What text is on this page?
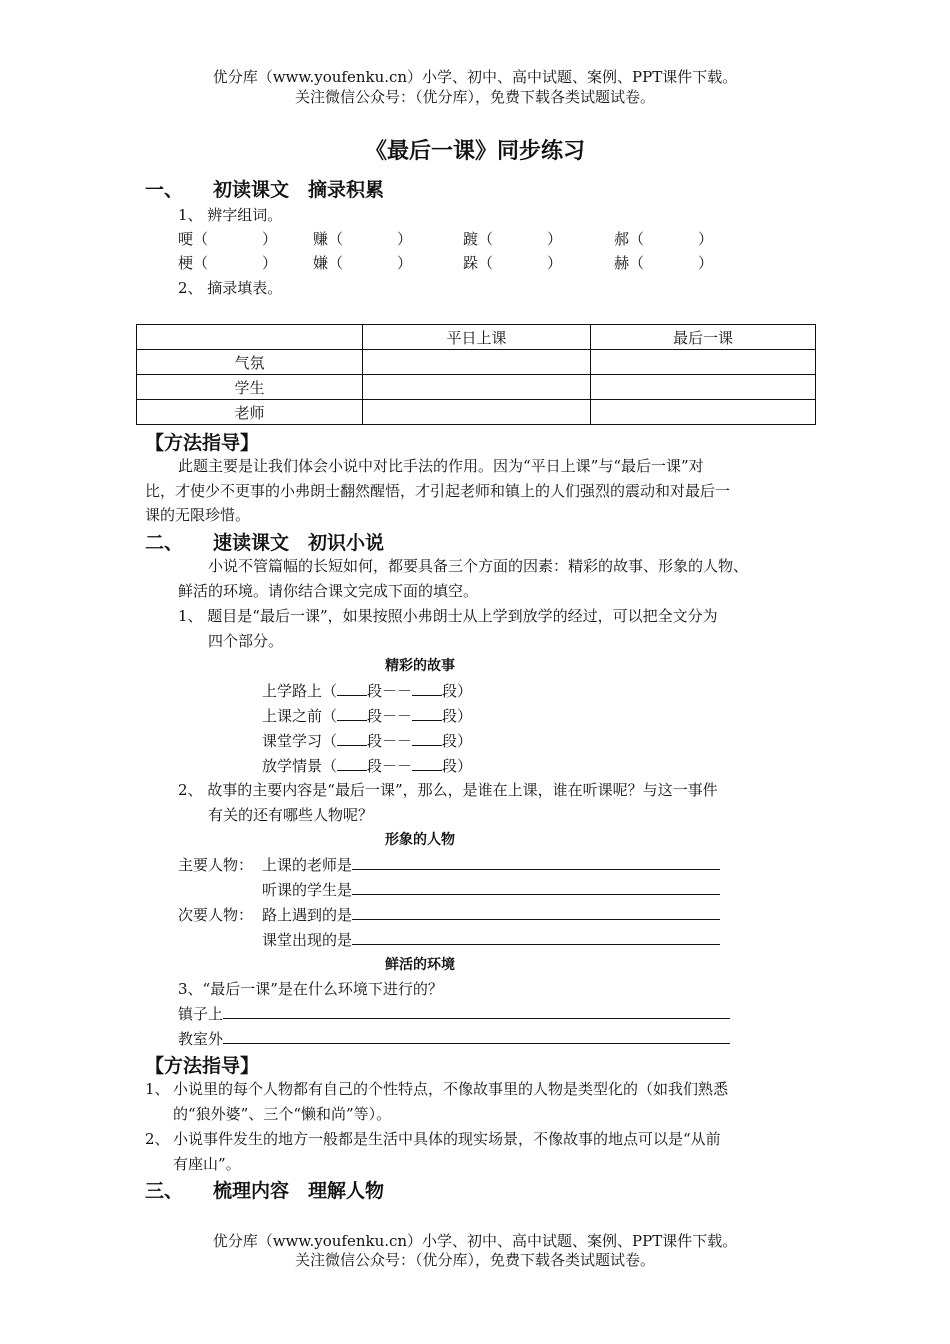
优分库（www.youfenku.cn）小学、初中、高中试题、案例、PPT课件下载。
关注微信公众号：（优分库），免费下载各类试题试卷。
《最后一课》同步练习
一、 初读课文　摘录积累
1、 辨字组词。
哽（	） 赚（	）	踱（	）	郝（	）
梗（	） 嫌（	）	跺（	）	赫（	）
2、 摘录填表。
	平日上课	最后一课
气氛		
学生		
老师		
【方法指导】
此题主要是让我们体会小说中对比手法的作用。因为“平日上课”与“最后一课”对
比，才使少不更事的小弗朗士翻然醒悟，才引起老师和镇上的人们强烈的震动和对最后一
课的无限珍惜。
二、 速读课文　初识小说
小说不管篇幅的长短如何，都要具备三个方面的因素：精彩的故事、形象的人物、
鲜活的环境。请你结合课文完成下面的填空。
1、 题目是“最后一课”，如果按照小弗朗士从上学到放学的经过，可以把全文分为
四个部分。
精彩的故事
上学路上（ 段－－ 段）
上课之前（ 段－－ 段）
课堂学习（ 段－－ 段）
放学情景（ 段－－ 段）
2、 故事的主要内容是“最后一课”，那么，是谁在上课，谁在听课呢？与这一事件
有关的还有哪些人物呢？
形象的人物
主要人物： 上课的老师是
听课的学生是
次要人物： 路上遇到的是
课堂出现的是
鲜活的环境
3、“最后一课”是在什么环境下进行的？
镇子上
教室外
【方法指导】
1、 小说里的每个人物都有自己的个性特点，不像故事里的人物是类型化的（如我们熟悉
的“狼外婆”、三个“懒和尚”等）。
2、 小说事件发生的地方一般都是生活中具体的现实场景，不像故事的地点可以是“从前
有座山”。
三、 梳理内容　理解人物
优分库（www.youfenku.cn）小学、初中、高中试题、案例、PPT课件下载。
关注微信公众号：（优分库），免费下载各类试题试卷。
